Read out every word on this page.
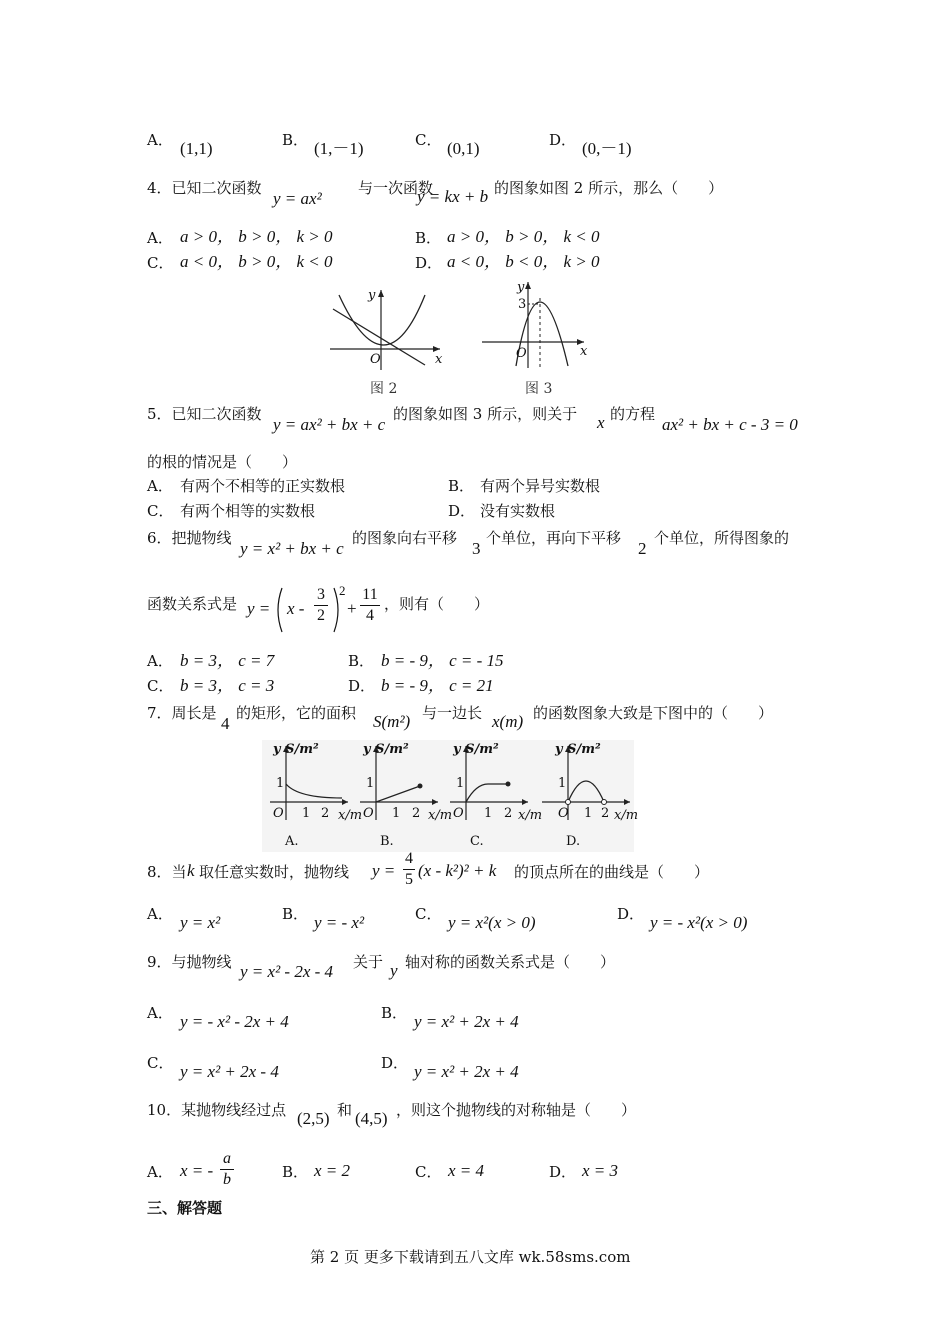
A． (1,1)	B． (1,－1)	C． (0,1)	D． (0,－1)
4．已知二次函数
y = ax²
与一次函数
y = kx + b 的图象如图 2 所示，那么（　　）
A． a > 0， b > 0， k > 0	B． a > 0， b > 0， k < 0
C． a < 0， b > 0， k < 0	D． a < 0， b < 0， k > 0
y
x
O
图 2
y
x
O
3
图 3
5．已知二次函数
y = ax² + bx + c
的图象如图 3 所示，则关于 x 的方程
ax² + bx + c - 3 = 0
的根的情况是（　　）
A． 有两个不相等的正实数根	B． 有两个异号实数根
C． 有两个相等的实数根	D． 没有实数根
6．把抛物线
y = x² + bx + c
的图象向右平移
3
个单位，再向下平移
2
个单位，所得图象的
函数关系式是 y = x -
3
2
2
+
11
4
，则有（　　）
A． b = 3， c = 7	B． b = - 9， c = - 15
C． b = 3， c = 3	D． b = - 9， c = 21
7．周长是
4
的矩形，它的面积 S(m²) 与一边长 x(m) 的函数图象大致是下图中的（　　）
y S/m²
1
O 1 2 x/m
A.
y S/m²
1
O 1 2 x/m
B.
y S/m²
1
O 1 2 x/m
C.
y S/m²
1
O 1 2 x/m
D.
8．当 k 取任意实数时，抛物线 y =
4
5 (x - k²)² + k 的顶点所在的曲线是（　　）
A． y = x²	B． y = - x²	C． y = x²(x > 0)	D． y = - x²(x > 0)
9．与抛物线 y = x² - 2x - 4 关于 y 轴对称的函数关系式是（　　）
A． y = - x² - 2x + 4	B． y = x² + 2x + 4
C． y = x² + 2x - 4	D． y = x² + 2x + 4
10．某抛物线经过点 (2,5) 和 (4,5) ，则这个抛物线的对称轴是（　　）
A． x = -
a
b	B． x = 2	C． x = 4	D． x = 3
三、解答题
第 2 页 更多下载请到五八文库 wk.58sms.com
